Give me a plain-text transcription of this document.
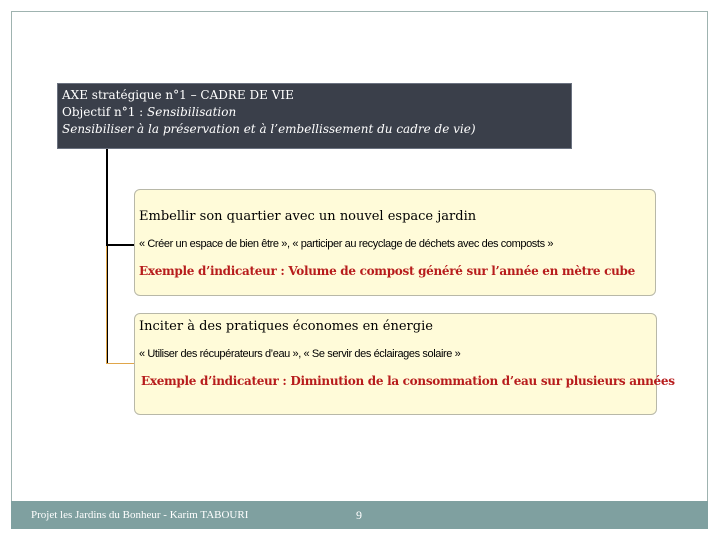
AXE stratégique n°1 – CADRE DE VIE
Objectif n°1 : Sensibilisation
Sensibiliser à la préservation et à l’embellissement du cadre de vie)
Embellir son quartier avec un nouvel espace jardin
« Créer un espace de bien être », « participer au recyclage de déchets avec des composts »
Exemple d’indicateur : Volume de compost généré sur l’année en mètre cube
Inciter à des pratiques économes en énergie
« Utiliser des récupérateurs d’eau », « Se servir des éclairages solaire »
Exemple d’indicateur : Diminution de la consommation d’eau sur plusieurs années
Projet les Jardins du Bonheur - Karim TABOURI	9
